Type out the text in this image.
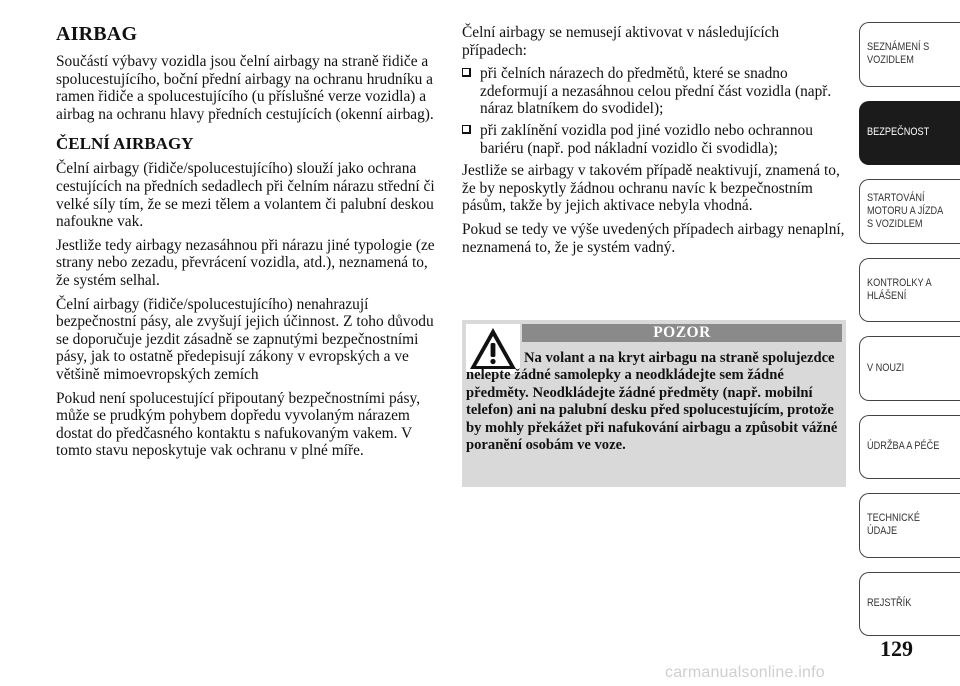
AIRBAG

Součástí výbavy vozidla jsou čelní airbagy na straně řidiče a spolucestujícího, boční přední airbagy na ochranu hrudníku a ramen řidiče a spolucestujícího (u příslušné verze vozidla) a airbag na ochranu hlavy předních cestujících (okenní airbag).

ČELNÍ AIRBAGY

Čelní airbagy (řidiče/spolucestujícího) slouží jako ochrana cestujících na předních sedadlech při čelním nárazu střední či velké síly tím, že se mezi tělem a volantem či palubní deskou nafoukne vak.

Jestliže tedy airbagy nezasáhnou při nárazu jiné typologie (ze strany nebo zezadu, převrácení vozidla, atd.), neznamená to, že systém selhal.

Čelní airbagy (řidiče/spolucestujícího) nenahrazují bezpečnostní pásy, ale zvyšují jejich účinnost. Z toho důvodu se doporučuje jezdit zásadně se zapnutými bezpečnostními pásy, jak to ostatně předepisují zákony v evropských a ve většině mimoevropských zemích

Pokud není spolucestující připoutaný bezpečnostními pásy, může se prudkým pohybem dopředu vyvolaným nárazem dostat do předčasného kontaktu s nafukovaným vakem. V tomto stavu neposkytuje vak ochranu v plné míře.

Čelní airbagy se nemusejí aktivovat v následujících případech:

při čelních nárazech do předmětů, které se snadno zdeformují a nezasáhnou celou přední část vozidla (např. náraz blatníkem do svodidel);
při zaklínění vozidla pod jiné vozidlo nebo ochrannou bariéru (např. pod nákladní vozidlo či svodidla);

Jestliže se airbagy v takovém případě neaktivují, znamená to, že by neposkytly žádnou ochranu navíc k bezpečnostním pásům, takže by jejich aktivace nebyla vhodná.

Pokud se tedy ve výše uvedených případech airbagy nenaplní, neznamená to, že je systém vadný.

POZOR
Na volant a na kryt airbagu na straně spolujezdce nelepte žádné samolepky a neodkládejte sem žádné předměty. Neodkládejte žádné předměty (např. mobilní telefon) ani na palubní desku před spolucestujícím, protože by mohly překážet při nafukování airbagu a způsobit vážné poranění osobám ve voze.
SEZNÁMENÍ S
VOZIDLEM
BEZPEČNOST
STARTOVÁNÍ
MOTORU A JÍZDA
S VOZIDLEM
KONTROLKY A
HLÁŠENÍ
V NOUZI
ÚDRŽBA A PÉČE
TECHNICKÉ
ÚDAJE
REJSTŘÍK
129
carmanualsonline.info
